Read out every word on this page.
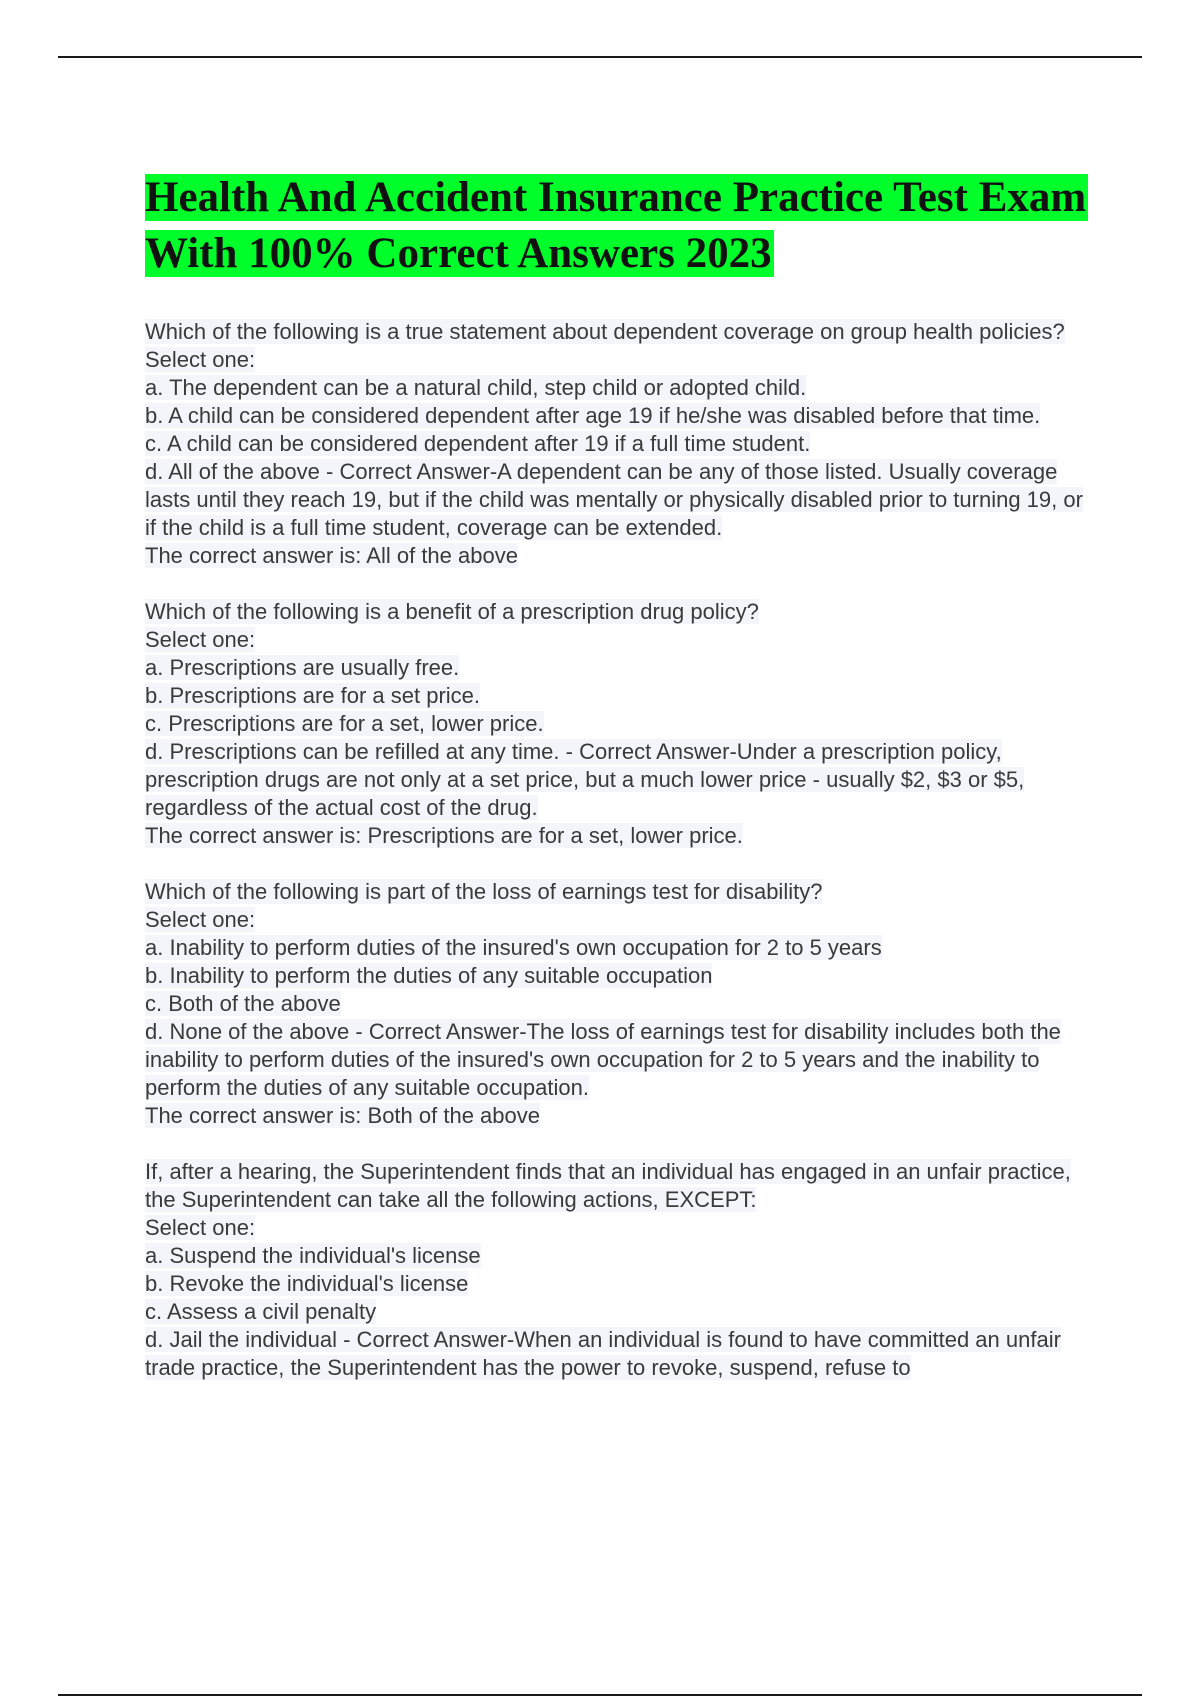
Health And Accident Insurance Practice Test Exam With 100% Correct Answers 2023
Which of the following is a true statement about dependent coverage on group health policies?
Select one:
a. The dependent can be a natural child, step child or adopted child.
b. A child can be considered dependent after age 19 if he/she was disabled before that time.
c. A child can be considered dependent after 19 if a full time student.
d. All of the above - Correct Answer-A dependent can be any of those listed. Usually coverage lasts until they reach 19, but if the child was mentally or physically disabled prior to turning 19, or if the child is a full time student, coverage can be extended.
The correct answer is: All of the above
Which of the following is a benefit of a prescription drug policy?
Select one:
a. Prescriptions are usually free.
b. Prescriptions are for a set price.
c. Prescriptions are for a set, lower price.
d. Prescriptions can be refilled at any time. - Correct Answer-Under a prescription policy, prescription drugs are not only at a set price, but a much lower price - usually $2, $3 or $5, regardless of the actual cost of the drug.
The correct answer is: Prescriptions are for a set, lower price.
Which of the following is part of the loss of earnings test for disability?
Select one:
a. Inability to perform duties of the insured's own occupation for 2 to 5 years
b. Inability to perform the duties of any suitable occupation
c. Both of the above
d. None of the above - Correct Answer-The loss of earnings test for disability includes both the inability to perform duties of the insured's own occupation for 2 to 5 years and the inability to perform the duties of any suitable occupation.
The correct answer is: Both of the above
If, after a hearing, the Superintendent finds that an individual has engaged in an unfair practice, the Superintendent can take all the following actions, EXCEPT:
Select one:
a. Suspend the individual's license
b. Revoke the individual's license
c. Assess a civil penalty
d. Jail the individual - Correct Answer-When an individual is found to have committed an unfair trade practice, the Superintendent has the power to revoke, suspend, refuse to
